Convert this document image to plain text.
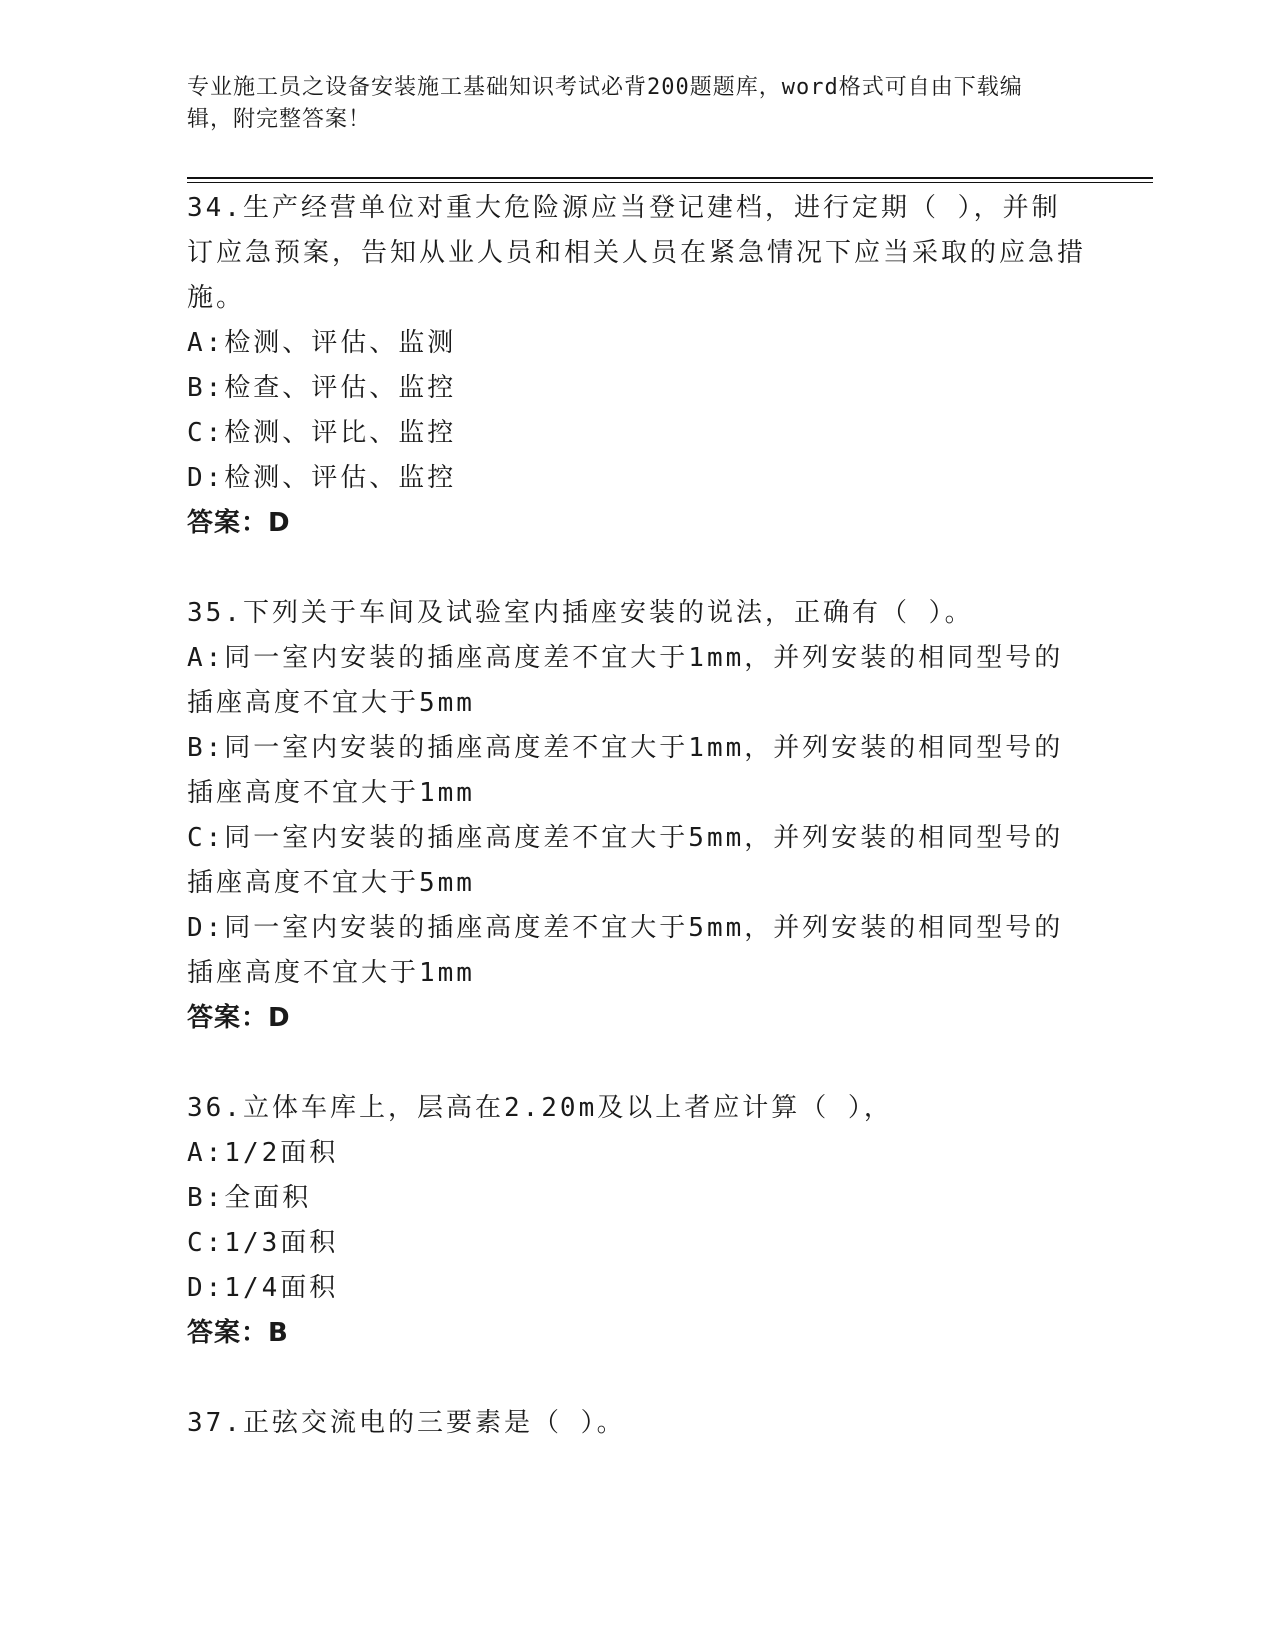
专业施工员之设备安装施工基础知识考试必背200题题库，word格式可自由下载编辑，附完整答案！

34.生产经营单位对重大危险源应当登记建档，进行定期（ ），并制订应急预案，告知从业人员和相关人员在紧急情况下应当采取的应急措施。

A:检测、评估、监测

B:检查、评估、监控

C:检测、评比、监控

D:检测、评估、监控

答案：D

35.下列关于车间及试验室内插座安装的说法，正确有（ ）。

A:同一室内安装的插座高度差不宜大于1mm，并列安装的相同型号的插座高度不宜大于5mm

B:同一室内安装的插座高度差不宜大于1mm，并列安装的相同型号的插座高度不宜大于1mm

C:同一室内安装的插座高度差不宜大于5mm，并列安装的相同型号的插座高度不宜大于5mm

D:同一室内安装的插座高度差不宜大于5mm，并列安装的相同型号的插座高度不宜大于1mm

答案：D

36.立体车库上，层高在2.20m及以上者应计算（ ），

A:1/2面积

B:全面积

C:1/3面积

D:1/4面积

答案：B

37.正弦交流电的三要素是（ ）。
